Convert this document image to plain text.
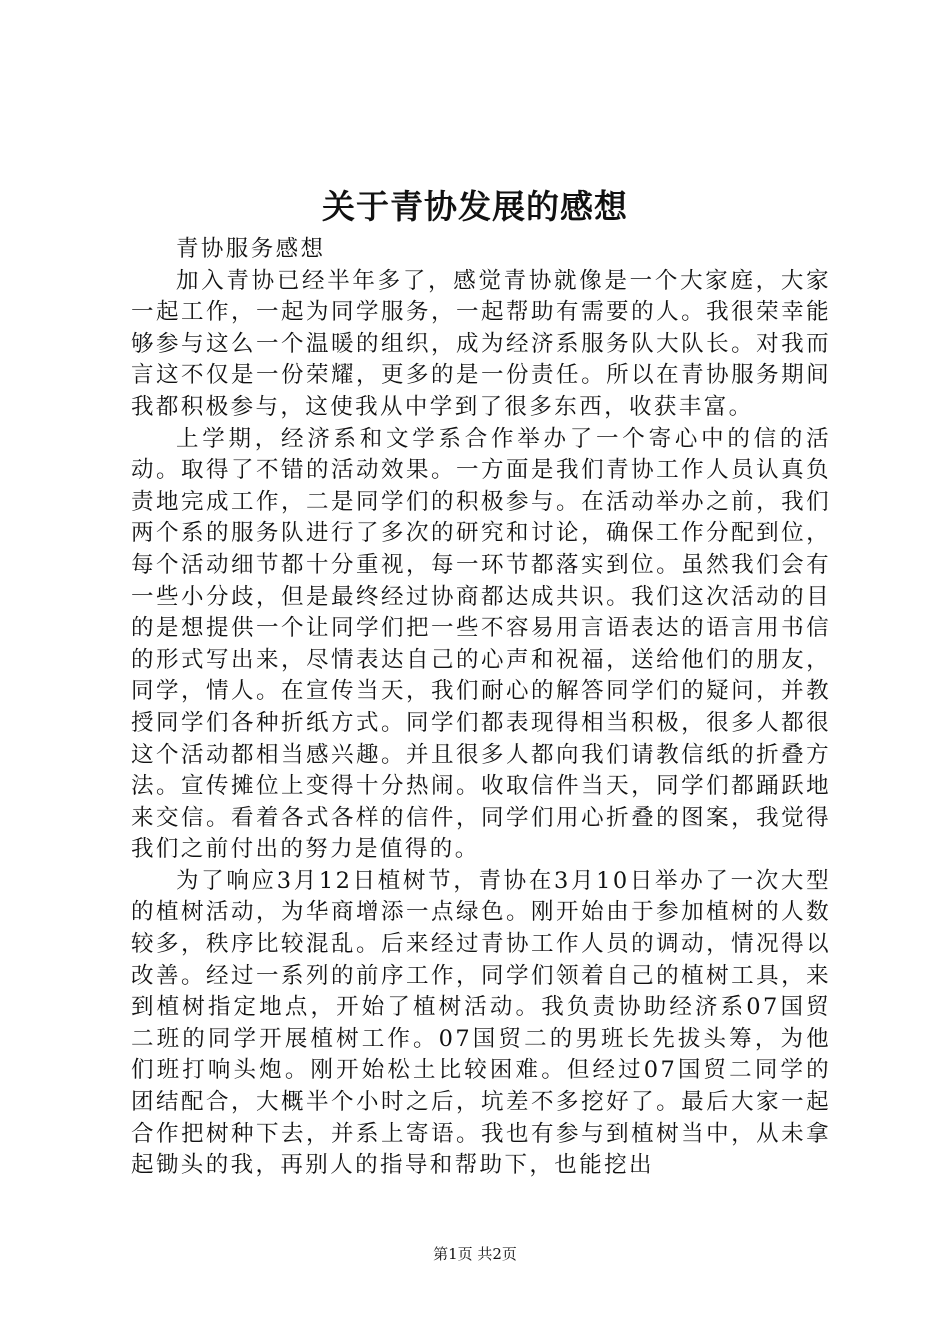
关于青协发展的感想

青协服务感想

加入青协已经半年多了，感觉青协就像是一个大家庭，大家一起工作，一起为同学服务，一起帮助有需要的人。我很荣幸能够参与这么一个温暖的组织，成为经济系服务队大队长。对我而言这不仅是一份荣耀，更多的是一份责任。所以在青协服务期间我都积极参与，这使我从中学到了很多东西，收获丰富。

上学期，经济系和文学系合作举办了一个寄心中的信的活动。取得了不错的活动效果。一方面是我们青协工作人员认真负责地完成工作，二是同学们的积极参与。在活动举办之前，我们两个系的服务队进行了多次的研究和讨论，确保工作分配到位，每个活动细节都十分重视，每一环节都落实到位。虽然我们会有一些小分歧，但是最终经过协商都达成共识。我们这次活动的目的是想提供一个让同学们把一些不容易用言语表达的语言用书信的形式写出来，尽情表达自己的心声和祝福，送给他们的朋友，同学，情人。在宣传当天，我们耐心的解答同学们的疑问，并教授同学们各种折纸方式。同学们都表现得相当积极，很多人都很这个活动都相当感兴趣。并且很多人都向我们请教信纸的折叠方法。宣传摊位上变得十分热闹。收取信件当天，同学们都踊跃地来交信。看着各式各样的信件，同学们用心折叠的图案，我觉得我们之前付出的努力是值得的。

为了响应3月12日植树节，青协在3月10日举办了一次大型的植树活动，为华商增添一点绿色。刚开始由于参加植树的人数较多，秩序比较混乱。后来经过青协工作人员的调动，情况得以改善。经过一系列的前序工作，同学们领着自己的植树工具，来到植树指定地点，开始了植树活动。我负责协助经济系07国贸二班的同学开展植树工作。07国贸二的男班长先拔头筹，为他们班打响头炮。刚开始松土比较困难。但经过07国贸二同学的团结配合，大概半个小时之后，坑差不多挖好了。最后大家一起合作把树种下去，并系上寄语。我也有参与到植树当中，从未拿起锄头的我，再别人的指导和帮助下，也能挖出

第1页 共2页
